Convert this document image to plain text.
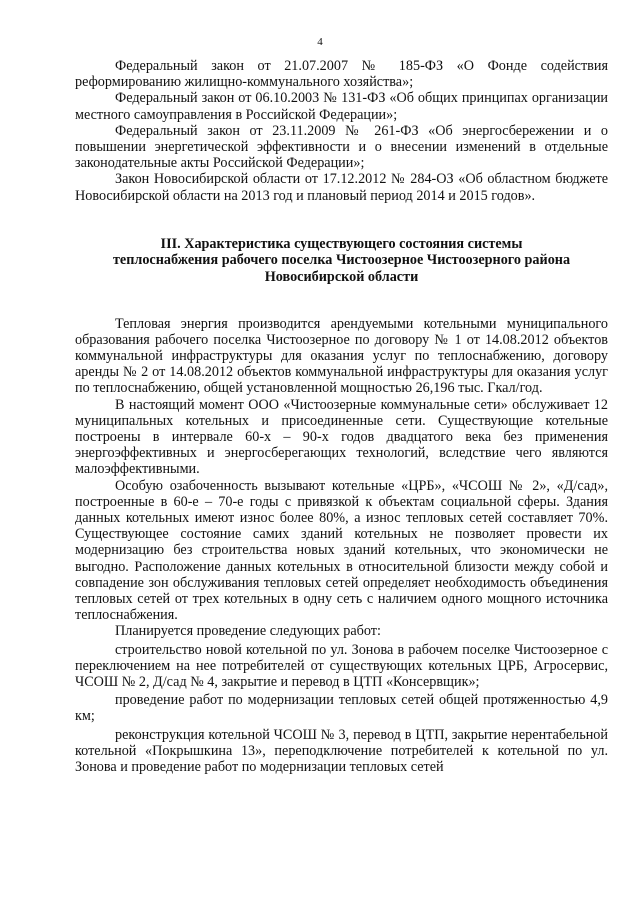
4

Федеральный закон от 21.07.2007 № 185-ФЗ «О Фонде содействия реформированию жилищно-коммунального хозяйства»;

Федеральный закон от 06.10.2003 № 131-ФЗ «Об общих принципах организации местного самоуправления в Российской Федерации»;

Федеральный закон от 23.11.2009 № 261-ФЗ «Об энергосбережении и о повышении энергетической эффективности и о внесении изменений в отдельные законодательные акты Российской Федерации»;

Закон Новосибирской области от 17.12.2012 № 284-ОЗ «Об областном бюджете Новосибирской области на 2013 год и плановый период 2014 и 2015 годов».

III. Характеристика существующего состояния системы
теплоснабжения рабочего поселка Чистоозерное Чистоозерного района
Новосибирской области

Тепловая энергия производится арендуемыми котельными муниципального образования рабочего поселка Чистоозерное по договору № 1 от 14.08.2012 объектов коммунальной инфраструктуры для оказания услуг по теплоснабжению, договору аренды № 2 от 14.08.2012 объектов коммунальной инфраструктуры для оказания услуг по теплоснабжению, общей установленной мощностью 26,196 тыс. Гкал/год.

В настоящий момент ООО «Чистоозерные коммунальные сети» обслуживает 12 муниципальных котельных и присоединенные сети. Существующие котельные построены в интервале 60-х – 90-х годов двадцатого века без применения энергоэффективных и энергосберегающих технологий, вследствие чего являются малоэффективными.

Особую озабоченность вызывают котельные «ЦРБ», «ЧСОШ № 2», «Д/сад», построенные в 60-е – 70-е годы с привязкой к объектам социальной сферы. Здания данных котельных имеют износ более 80%, а износ тепловых сетей составляет 70%. Существующее состояние самих зданий котельных не позволяет провести их модернизацию без строительства новых зданий котельных, что экономически не выгодно. Расположение данных котельных в относительной близости между собой и совпадение зон обслуживания тепловых сетей определяет необходимость объединения тепловых сетей от трех котельных в одну сеть с наличием одного мощного источника теплоснабжения.

Планируется проведение следующих работ:

строительство новой котельной по ул. Зонова в рабочем поселке Чистоозерное с переключением на нее потребителей от существующих котельных ЦРБ, Агросервис, ЧСОШ № 2, Д/сад № 4, закрытие и перевод в ЦТП «Консервщик»;

проведение работ по модернизации тепловых сетей общей протяженностью 4,9 км;

реконструкция котельной ЧСОШ № 3, перевод в ЦТП, закрытие нерентабельной котельной «Покрышкина 13», переподключение потребителей к котельной по ул. Зонова и проведение работ по модернизации тепловых сетей
